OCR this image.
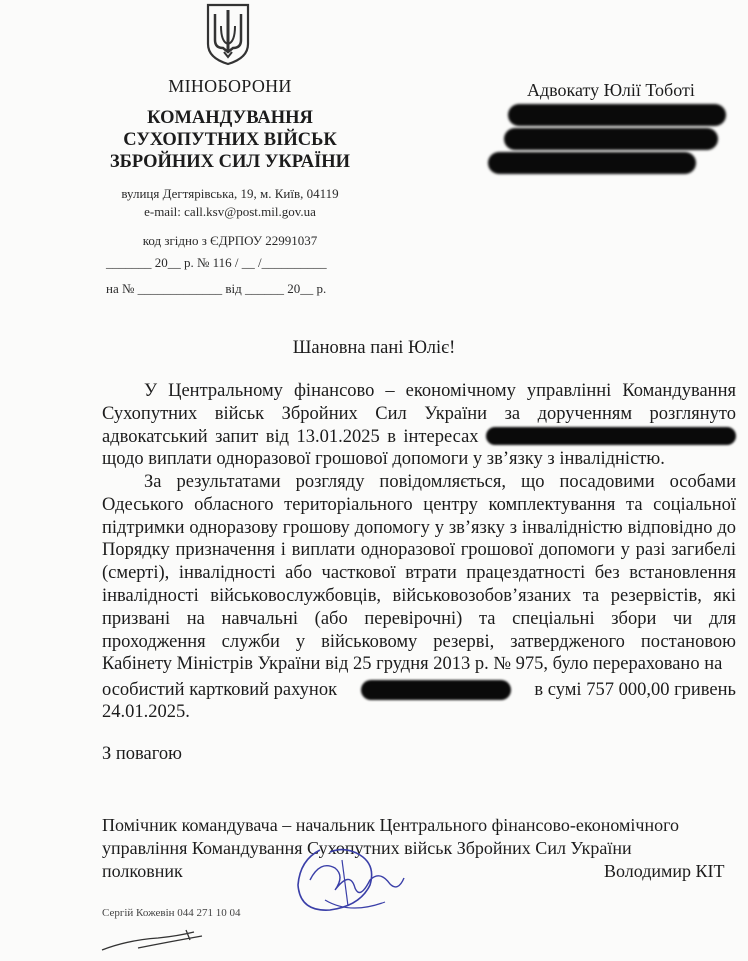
МІНОБОРОНИ
КОМАНДУВАННЯ
СУХОПУТНИХ ВІЙСЬК
ЗБРОЙНИХ СИЛ УКРАЇНИ
вулиця Дегтярівська, 19, м. Київ, 04119
e-mail: call.ksv@post.mil.gov.ua
код згідно з ЄДРПОУ 22991037
_______ 20__ р. № 116 / __ /__________
на № _____________ від ______ 20__ р.
Адвокату Юлії Тоботі
Шановна пані Юліє!
У Центральному фінансово – економічному управлінні Командування Сухопутних військ Збройних Сил України за дорученням розглянуто адвокатський запит від 13.01.2025 в інтересах  щодо виплати одноразової грошової допомоги у зв’язку з інвалідністю.
За результатами розгляду повідомляється, що посадовими особами Одеського обласного територіального центру комплектування та соціальної підтримки одноразову грошову допомогу у зв’язку з інвалідністю відповідно до Порядку призначення і виплати одноразової грошової допомоги у разі загибелі (смерті), інвалідності або часткової втрати працездатності без встановлення інвалідності військовослужбовців, військовозобов’язаних та резервістів, які призвані на навчальні (або перевірочні) та спеціальні збори чи для проходження служби у військовому резерві, затвердженого постановою Кабінету Міністрів України від 25 грудня 2013 р. № 975, було перераховано на
особистий картковий рахунок	в сумі 757 000,00 гривень
24.01.2025.
З повагою
Помічник командувача – начальник Центрального фінансово-економічного
управління Командування Сухопутних військ Збройних Сил України
полковник	Володимир КІТ
Сергій Кожевін 044 271 10 04
